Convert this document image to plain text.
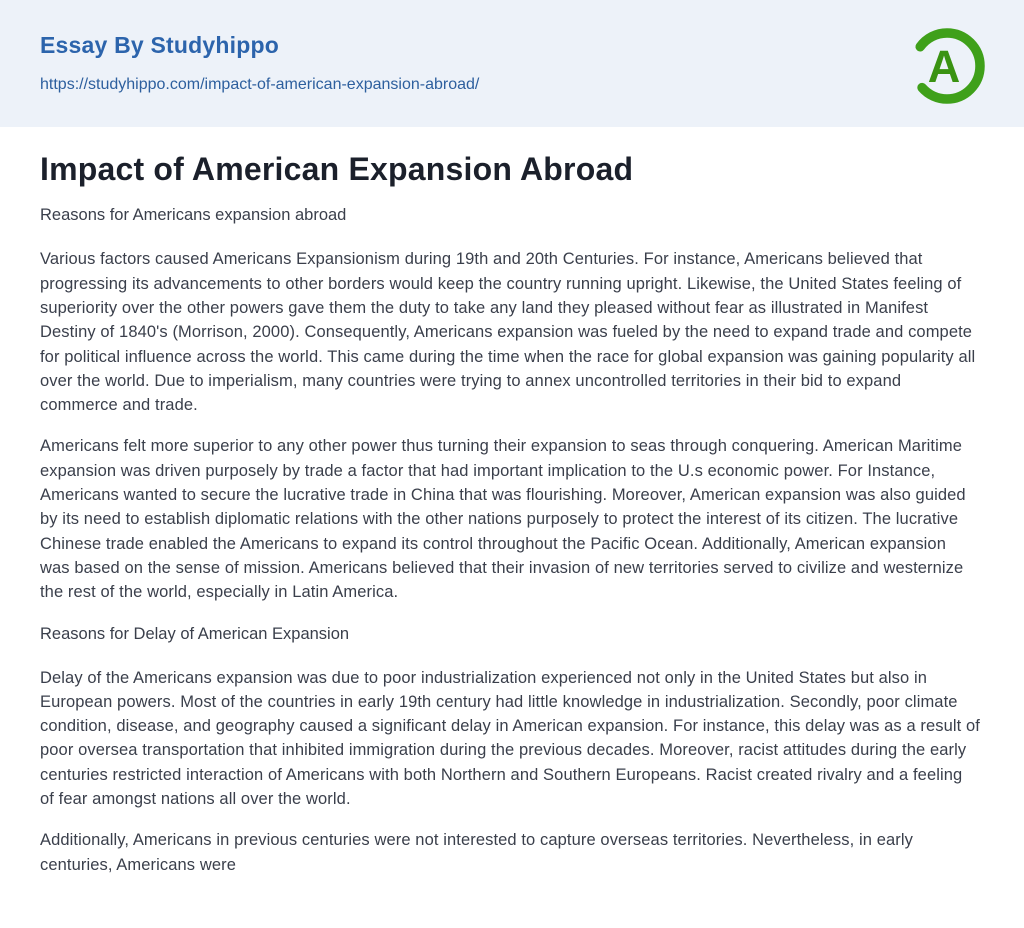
Essay By Studyhippo
https://studyhippo.com/impact-of-american-expansion-abroad/	A
Impact of American Expansion Abroad

Reasons for Americans expansion abroad

Various factors caused Americans Expansionism during 19th and 20th Centuries. For instance, Americans believed that progressing its advancements to other borders would keep the country running upright. Likewise, the United States feeling of superiority over the other powers gave them the duty to take any land they pleased without fear as illustrated in Manifest Destiny of 1840's (Morrison, 2000). Consequently, Americans expansion was fueled by the need to expand trade and compete for political influence across the world. This came during the time when the race for global expansion was gaining popularity all over the world. Due to imperialism, many countries were trying to annex uncontrolled territories in their bid to expand commerce and trade.

Americans felt more superior to any other power thus turning their expansion to seas through conquering. American Maritime expansion was driven purposely by trade a factor that had important implication to the U.s economic power. For Instance, Americans wanted to secure the lucrative trade in China that was flourishing. Moreover, American expansion was also guided by its need to establish diplomatic relations with the other nations purposely to protect the interest of its citizen. The lucrative Chinese trade enabled the Americans to expand its control throughout the Pacific Ocean. Additionally, American expansion was based on the sense of mission. Americans believed that their invasion of new territories served to civilize and westernize the rest of the world, especially in Latin America.

Reasons for Delay of American Expansion

Delay of the Americans expansion was due to poor industrialization experienced not only in the United States but also in European powers. Most of the countries in early 19th century had little knowledge in industrialization. Secondly, poor climate condition, disease, and geography caused a significant delay in American expansion. For instance, this delay was as a result of poor oversea transportation that inhibited immigration during the previous decades. Moreover, racist attitudes during the early centuries restricted interaction of Americans with both Northern and Southern Europeans. Racist created rivalry and a feeling of fear amongst nations all over the world.

Additionally, Americans in previous centuries were not interested to capture overseas territories. Nevertheless, in early centuries, Americans were
